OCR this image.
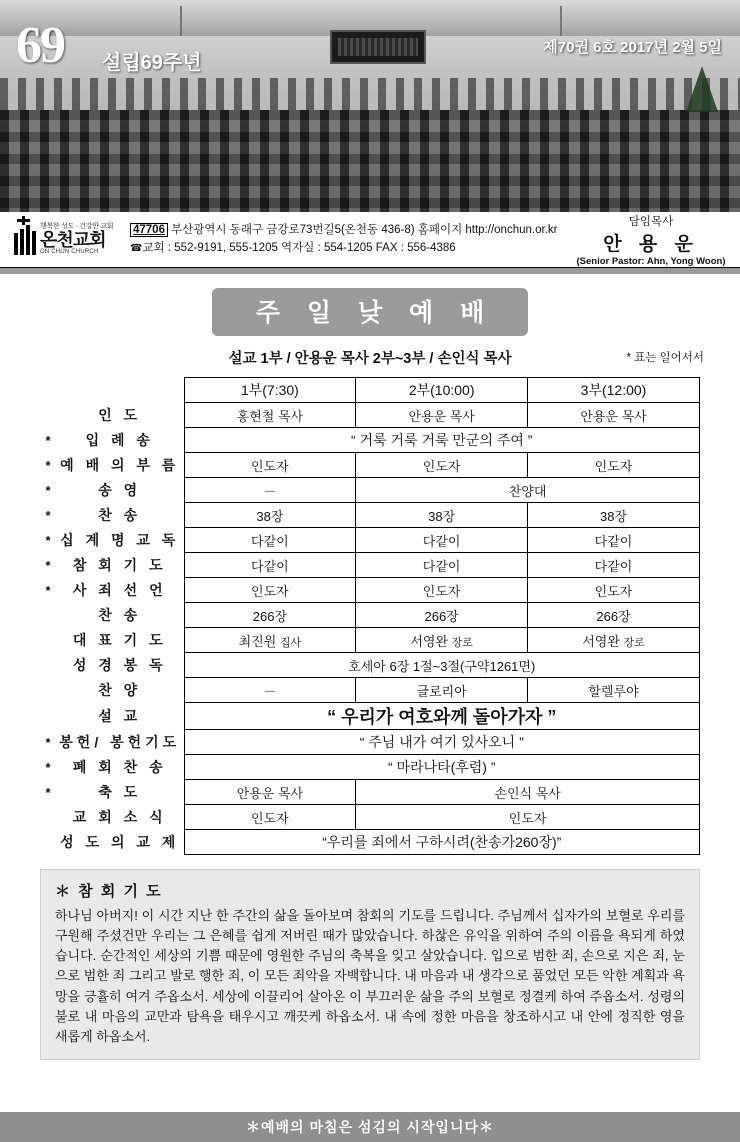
69	설립69주년
제70권 6호 2017년 2월 5일
행복한 성도 · 건강한 교회
온천교회
ON CHUN CHURCH
47706 부산광역시 동래구 금강로73번길5(온천동 436-8) 홈페이지 http://onchun.or.kr
☎교회 : 552-9191, 555-1205 역자실 : 554-1205 FAX : 556-4386
담임목사
안 용 운
(Senior Pastor: Ahn, Yong Woon)
주 일 낮 예 배
설교 1부 / 안용운 목사 2부~3부 / 손인식 목사	* 표는 일어서서
		1부(7:30)	2부(10:00)	3부(12:00)
	인 도	홍현철 목사	안용운 목사	안용운 목사
*	입 례 송	“ 거룩 거룩 거룩 만군의 주여 ”		
*	예 배 의 부 름	인도자	인도자	인도자
*	송 영	－	찬양대	
*	찬 송	38장	38장	38장
*	십 계 명 교 독	다같이	다같이	다같이
*	참 회 기 도	다같이	다같이	다같이
*	사 죄 선 언	인도자	인도자	인도자
	찬 송	266장	266장	266장
	대 표 기 도	최진원 집사	서영완 장로	서영완 장로
	성 경 봉 독	호세아 6장 1절~3절(구약1261면)		
	찬 양	－	글로리아	할렐루야
	설 교	“ 우리가 여호와께 돌아가자 ”		
*	봉헌/ 봉헌기도	“ 주님 내가 여기 있사오니 ”		
*	폐 회 찬 송	“ 마라나타(후렴) ”		
*	축 도	안용운 목사	손인식 목사	
	교 회 소 식	인도자	인도자	
	성 도 의 교 제	“우리를 죄에서 구하시려(찬송가260장)”		
＊ 참 회 기 도

하나님 아버지! 이 시간 지난 한 주간의 삶을 돌아보며 참회의 기도를 드립니다. 주님께서 십자가의 보혈로 우리를 구원해 주셨건만 우리는 그 은혜를 쉽게 저버린 때가 많았습니다. 하찮은 유익을 위하여 주의 이름을 욕되게 하였습니다. 순간적인 세상의 기쁨 때문에 영원한 주님의 축복을 잊고 살았습니다. 입으로 범한 죄, 손으로 지은 죄, 눈으로 범한 죄 그리고 발로 행한 죄, 이 모든 죄악을 자백합니다. 내 마음과 내 생각으로 품었던 모든 악한 계획과 욕망을 긍휼히 여겨 주옵소서. 세상에 이끌리어 살아온 이 부끄러운 삶을 주의 보혈로 정결케 하여 주옵소서. 성령의 불로 내 마음의 교만과 탐욕을 태우시고 깨끗케 하옵소서. 내 속에 정한 마음을 창조하시고 내 안에 정직한 영을 새롭게 하옵소서.

＊예배의 마침은 섬김의 시작입니다＊
